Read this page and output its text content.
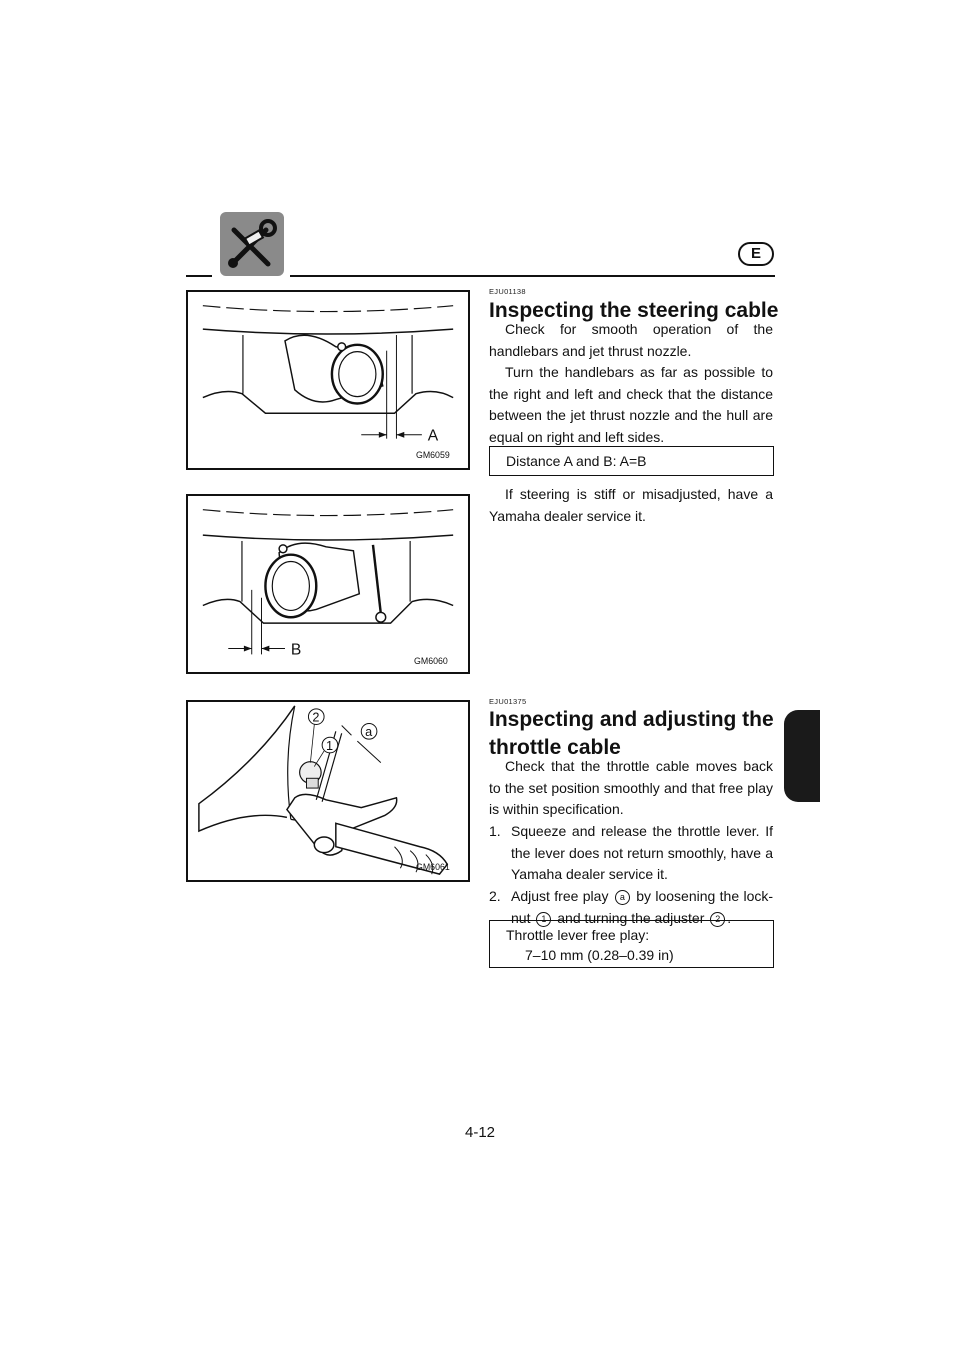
E
A
GM6059
B
GM6060
2
1
a
GM6061
EJU01138
Inspecting the steering cable

Check for smooth operation of the handlebars and jet thrust nozzle.

Turn the handlebars as far as possible to the right and left and check that the distance between the jet thrust nozzle and the hull are equal on right and left sides.

Distance A and B: A=B

If steering is stiff or misadjusted, have a Yamaha dealer service it.

EJU01375
Inspecting and adjusting the
throttle cable

Check that the throttle cable moves back to the set position smoothly and that free play is within specification.

1. Squeeze and release the throttle lever. If the lever does not return smoothly, have a Yamaha dealer service it.
2. Adjust free play a by loosening the lock-nut 1 and turning the adjuster 2 .
Throttle lever free play:
7–10 mm (0.28–0.39 in)
4-12
